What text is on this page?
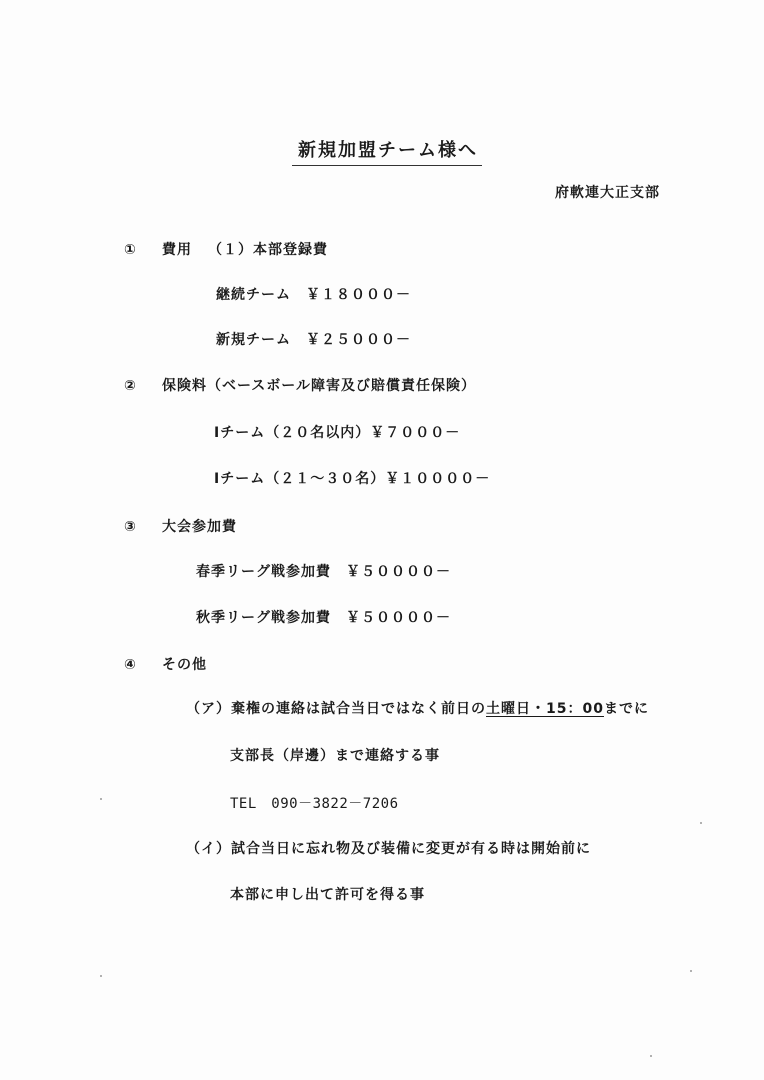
新規加盟チーム様へ
府軟連大正支部
① 費用 （１）本部登録費
継続チーム　￥１８０００－
新規チーム　￥２５０００－
② 保険料（ベースボール障害及び賠償責任保険）
Iチーム（２０名以内）￥７０００－
Iチーム（２１～３０名）￥１００００－
③ 大会参加費
春季リーグ戦参加費　￥５００００－
秋季リーグ戦参加費　￥５００００－
④ その他
（ア）棄権の連絡は試合当日ではなく前日の土曜日・15：00までに
支部長（岸邊）まで連絡する事
TEL　090－3822－7206
（イ）試合当日に忘れ物及び装備に変更が有る時は開始前に
本部に申し出て許可を得る事
